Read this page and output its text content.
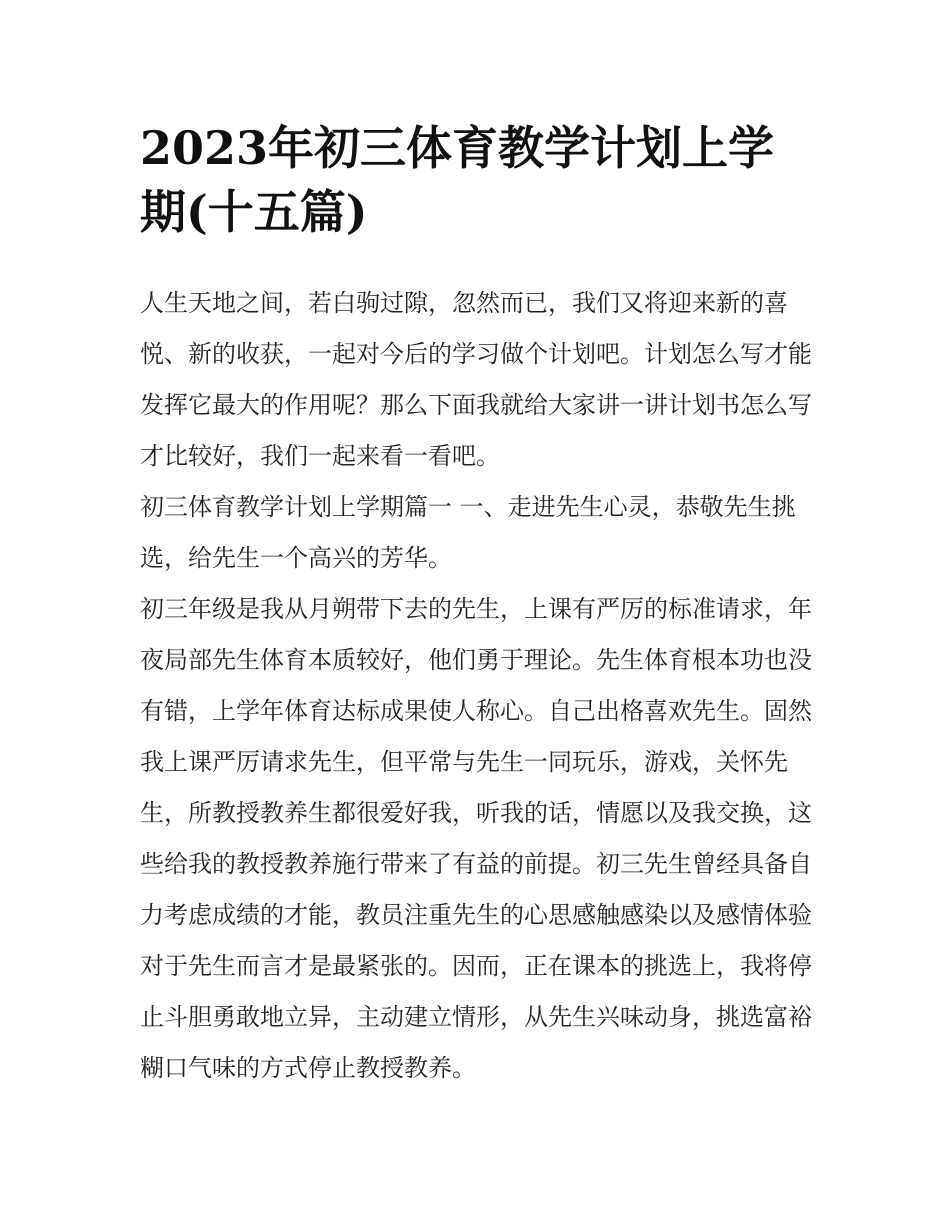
2023年初三体育教学计划上学期(十五篇)

人生天地之间，若白驹过隙，忽然而已，我们又将迎来新的喜悦、新的收获，一起对今后的学习做个计划吧。计划怎么写才能发挥它最大的作用呢？那么下面我就给大家讲一讲计划书怎么写才比较好，我们一起来看一看吧。

初三体育教学计划上学期篇一 一、走进先生心灵，恭敬先生挑选，给先生一个高兴的芳华。

初三年级是我从月朔带下去的先生，上课有严厉的标准请求，年夜局部先生体育本质较好，他们勇于理论。先生体育根本功也没有错，上学年体育达标成果使人称心。自己出格喜欢先生。固然我上课严厉请求先生，但平常与先生一同玩乐，游戏，关怀先生，所教授教养生都很爱好我，听我的话，情愿以及我交换，这些给我的教授教养施行带来了有益的前提。初三先生曾经具备自力考虑成绩的才能，教员注重先生的心思感触感染以及感情体验对于先生而言才是最紧张的。因而，正在课本的挑选上，我将停止斗胆勇敢地立异，主动建立情形，从先生兴味动身，挑选富裕糊口气味的方式停止教授教养。
